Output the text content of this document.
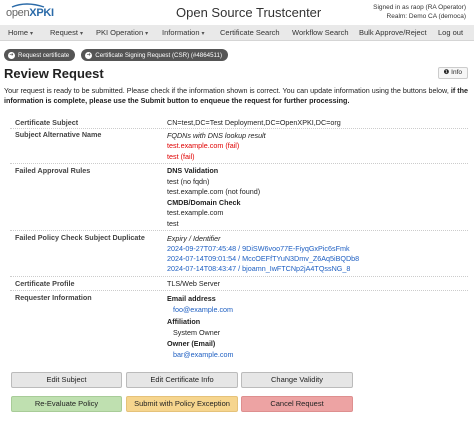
openXPKI	Open Source Trustcenter	Signed in as raop (RA Operator)
Realm: Demo CA (democa)
Home ▾ Request ▾ PKI Operation ▾ Information ▾ Certificate Search Workflow Search Bulk Approve/Reject Log out
➜ Request certificate	➜ Certificate Signing Request (CSR) (#4864511)
Review Request	❶ Info
Your request is ready to be submitted. Please check if the information shown is correct. You can update information using the buttons below, if the information is complete, please use the Submit button to enqueue the request for further processing.
Certificate Subject	CN=test,DC=Test Deployment,DC=OpenXPKI,DC=org
Subject Alternative Name	FQDNs with DNS lookup result
test.example.com (fail)
test (fail)
Failed Approval Rules	DNS Validation
test (no fqdn)
test.example.com (not found)
CMDB/Domain Check
test.example.com
test
Failed Policy Check Subject Duplicate	Expiry / Identifier
2024-09-27T07:45:48 / 9DiSW6voo77E-FiyqGxPic6sFmk
2024-07-14T09:01:54 / MccOEFfTYuN3Dmv_Z6Aq5iBQDb8
2024-07-14T08:43:47 / bjoamn_IwFTCNp2jA4TQssNG_8
Certificate Profile	TLS/Web Server
Requester Information	Email address
foo@example.com
Affiliation
System Owner
Owner (Email)
bar@example.com
Edit Subject	Edit Certificate Info	Change Validity
Re-Evaluate Policy	Submit with Policy Exception	Cancel Request
